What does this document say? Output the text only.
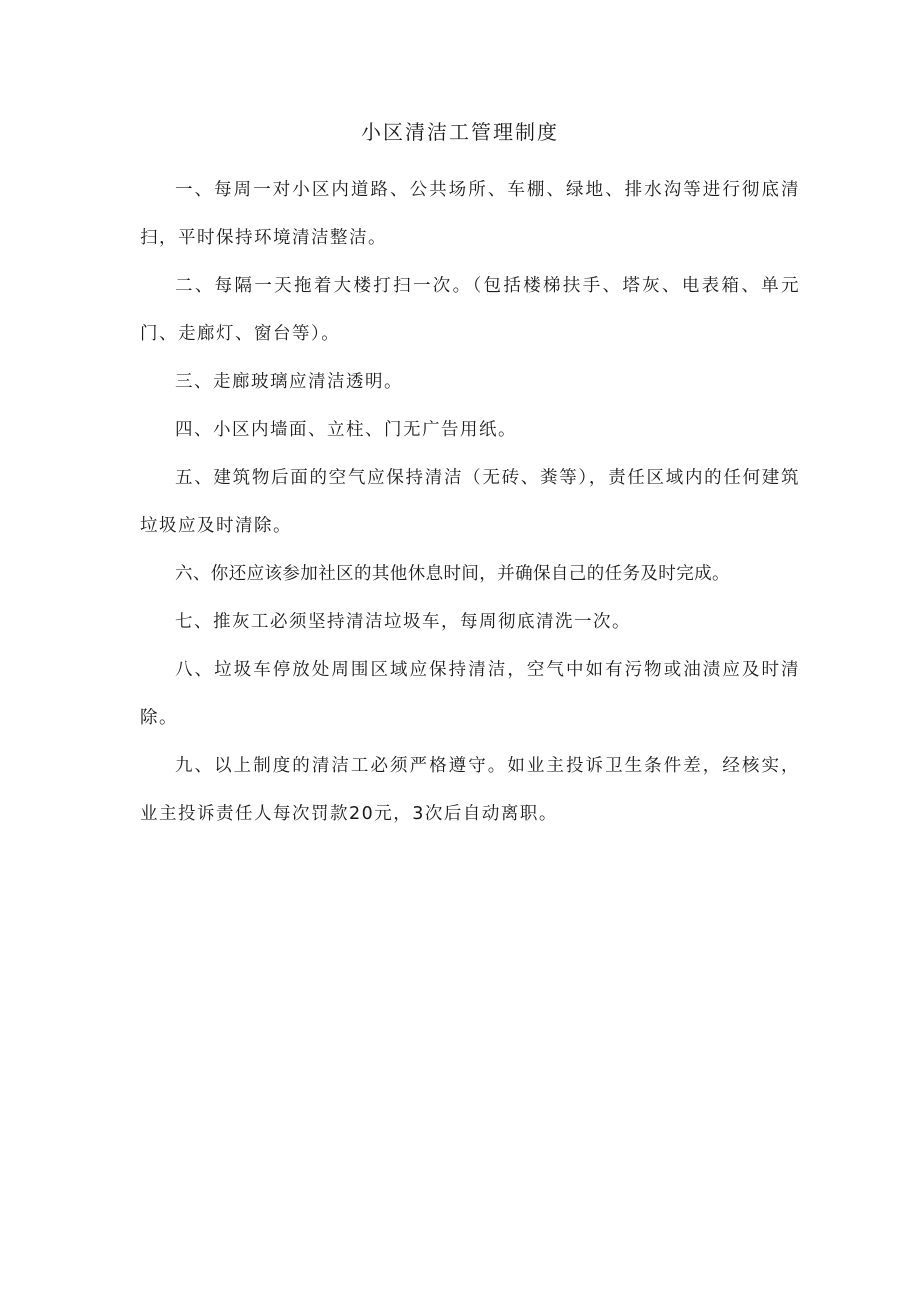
小区清洁工管理制度

一、每周一对小区内道路、公共场所、车棚、绿地、排水沟等进行彻底清扫，平时保持环境清洁整洁。

二、每隔一天拖着大楼打扫一次。（包括楼梯扶手、塔灰、电表箱、单元门、走廊灯、窗台等）。

三、走廊玻璃应清洁透明。

四、小区内墙面、立柱、门无广告用纸。

五、建筑物后面的空气应保持清洁（无砖、粪等），责任区域内的任何建筑垃圾应及时清除。

六、你还应该参加社区的其他休息时间，并确保自己的任务及时完成。

七、推灰工必须坚持清洁垃圾车，每周彻底清洗一次。

八、垃圾车停放处周围区域应保持清洁，空气中如有污物或油渍应及时清除。

九、以上制度的清洁工必须严格遵守。如业主投诉卫生条件差，经核实，业主投诉责任人每次罚款20元，3次后自动离职。
